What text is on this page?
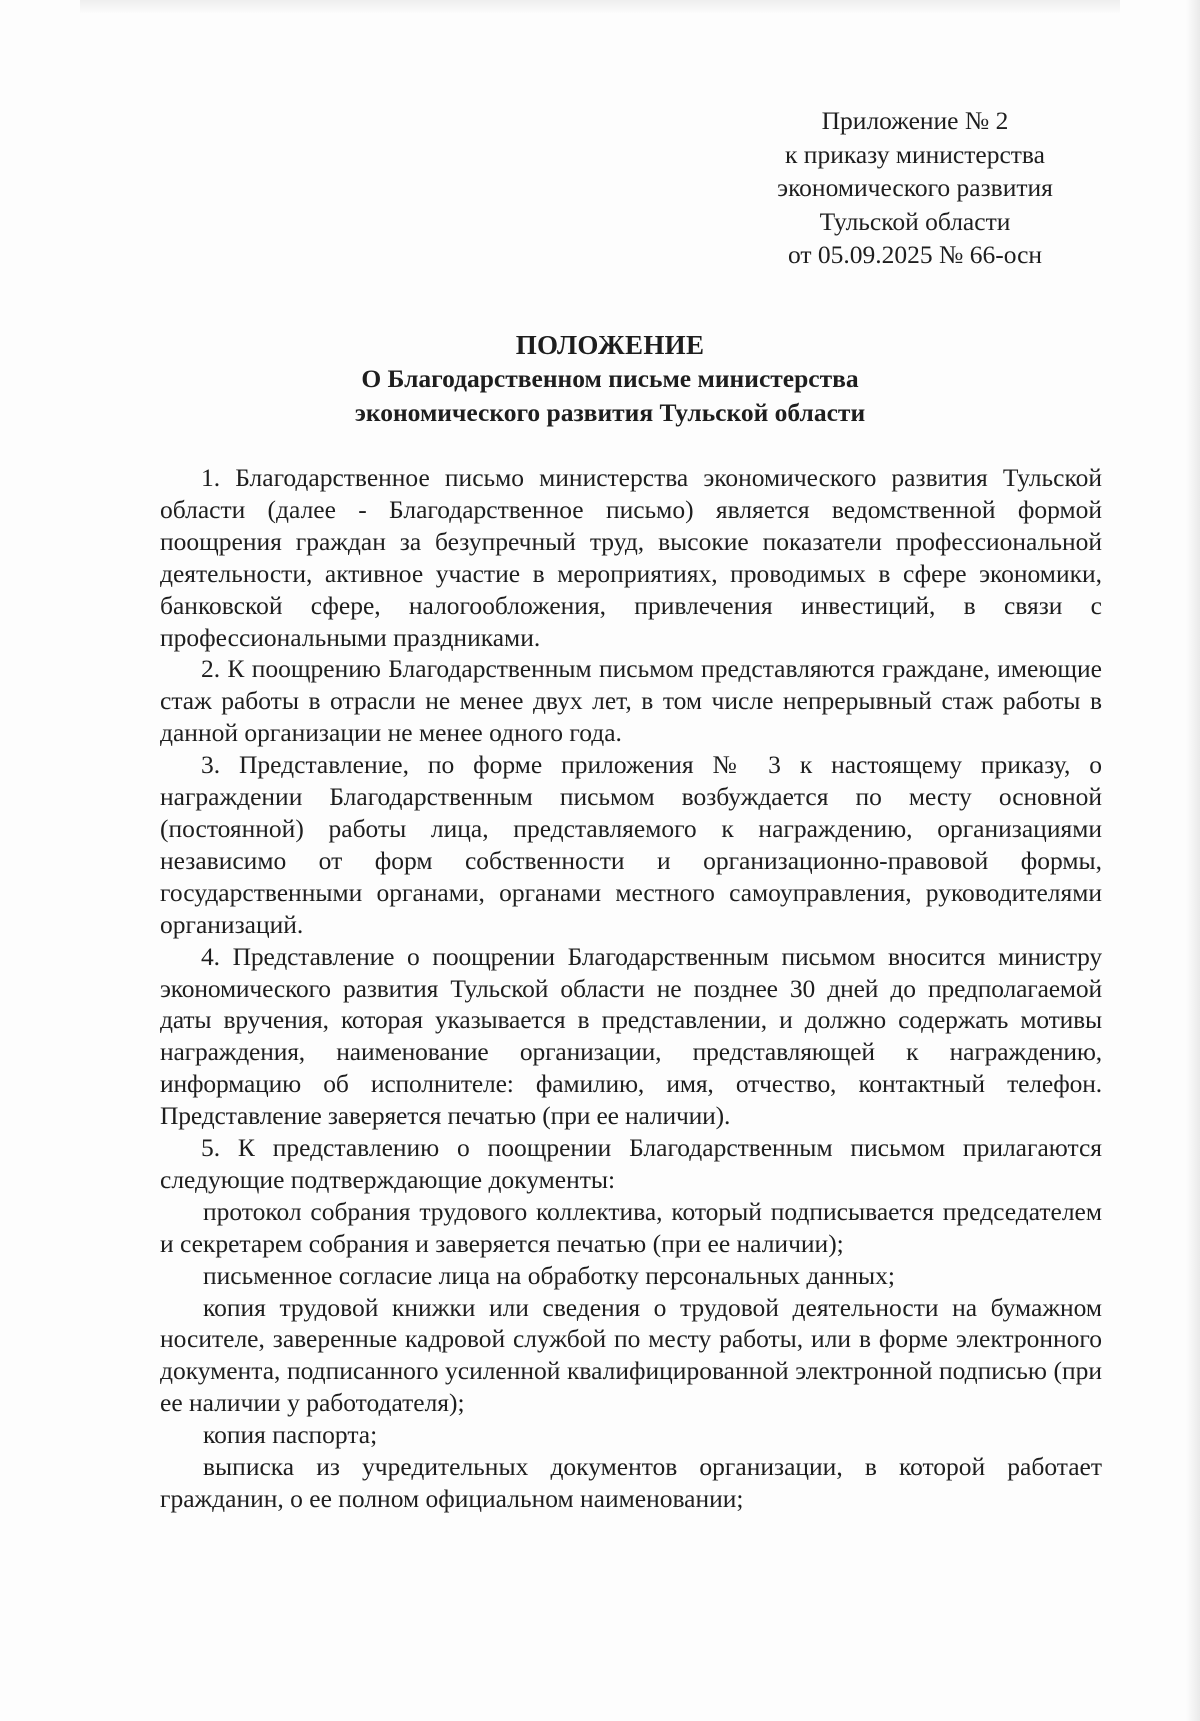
Приложение № 2
к приказу министерства
экономического развития
Тульской области
от 05.09.2025 № 66-осн
ПОЛОЖЕНИЕ
О Благодарственном письме министерства
экономического развития Тульской области

1. Благодарственное письмо министерства экономического развития Тульской области (далее - Благодарственное письмо) является ведомственной формой поощрения граждан за безупречный труд, высокие показатели профессиональной деятельности, активное участие в мероприятиях, проводимых в сфере экономики, банковской сфере, налогообложения, привлечения инвестиций, в связи с профессиональными праздниками.

2. К поощрению Благодарственным письмом представляются граждане, имеющие стаж работы в отрасли не менее двух лет, в том числе непрерывный стаж работы в данной организации не менее одного года.

3. Представление, по форме приложения № 3 к настоящему приказу, о награждении Благодарственным письмом возбуждается по месту основной (постоянной) работы лица, представляемого к награждению, организациями независимо от форм собственности и организационно-правовой формы, государственными органами, органами местного самоуправления, руководителями организаций.

4. Представление о поощрении Благодарственным письмом вносится министру экономического развития Тульской области не позднее 30 дней до предполагаемой даты вручения, которая указывается в представлении, и должно содержать мотивы награждения, наименование организации, представляющей к награждению, информацию об исполнителе: фамилию, имя, отчество, контактный телефон. Представление заверяется печатью (при ее наличии).

5. К представлению о поощрении Благодарственным письмом прилагаются следующие подтверждающие документы:

протокол собрания трудового коллектива, который подписывается председателем и секретарем собрания и заверяется печатью (при ее наличии);

письменное согласие лица на обработку персональных данных;

копия трудовой книжки или сведения о трудовой деятельности на бумажном носителе, заверенные кадровой службой по месту работы, или в форме электронного документа, подписанного усиленной квалифицированной электронной подписью (при ее наличии у работодателя);

копия паспорта;

выписка из учредительных документов организации, в которой работает гражданин, о ее полном официальном наименовании;
